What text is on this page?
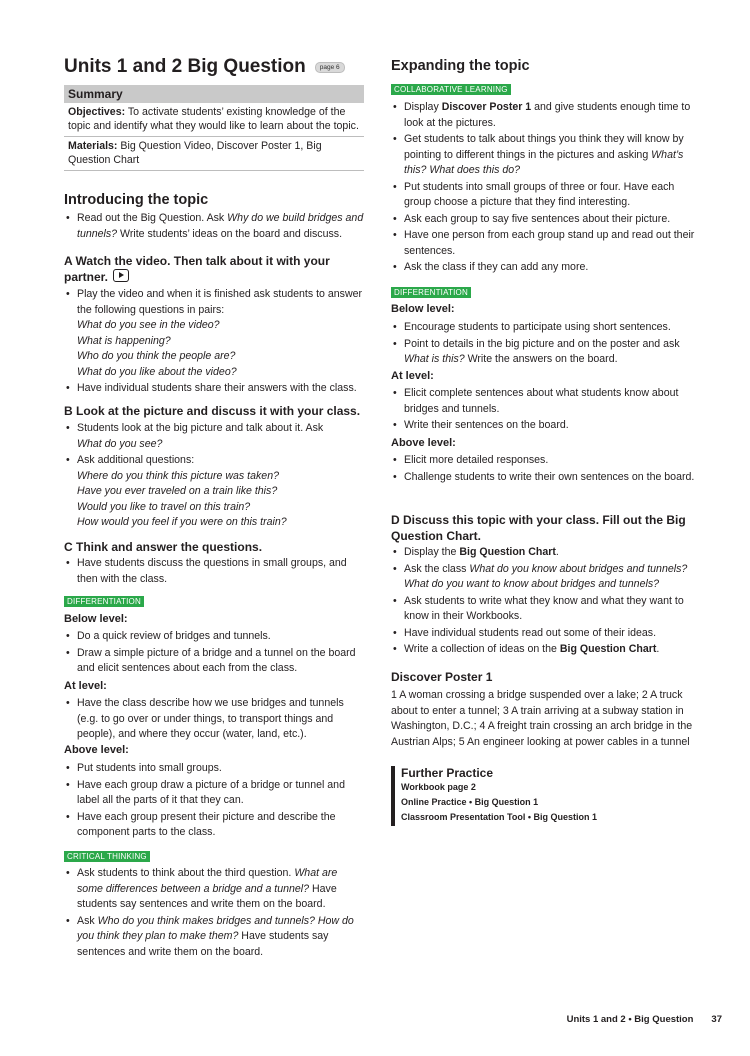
Units 1 and 2 Big Question	page 6
Summary
Objectives: To activate students’ existing knowledge of the topic and identify what they would like to learn about the topic.
Materials: Big Question Video, Discover Poster 1, Big Question Chart
Introducing the topic
• Read out the Big Question. Ask Why do we build bridges and tunnels? Write students’ ideas on the board and discuss.
A Watch the video. Then talk about it with your partner.
• Play the video and when it is finished ask students to answer the following questions in pairs:
What do you see in the video?
What is happening?
Who do you think the people are?
What do you like about the video?
• Have individual students share their answers with the class.
B Look at the picture and discuss it with your class.
• Students look at the big picture and talk about it. Ask
What do you see?
• Ask additional questions:
Where do you think this picture was taken?
Have you ever traveled on a train like this?
Would you like to travel on this train?
How would you feel if you were on this train?
C Think and answer the questions.
• Have students discuss the questions in small groups, and then with the class.
DIFFERENTIATION
Below level:
• Do a quick review of bridges and tunnels.
• Draw a simple picture of a bridge and a tunnel on the board and elicit sentences about each from the class.
At level:
• Have the class describe how we use bridges and tunnels (e.g. to go over or under things, to transport things and people), and where they occur (water, land, etc.).
Above level:
• Put students into small groups.
• Have each group draw a picture of a bridge or tunnel and label all the parts of it that they can.
• Have each group present their picture and describe the component parts to the class.
CRITICAL THINKING
• Ask students to think about the third question. What are some differences between a bridge and a tunnel? Have students say sentences and write them on the board.
• Ask Who do you think makes bridges and tunnels? How do you think they plan to make them? Have students say sentences and write them on the board.
Expanding the topic
COLLABORATIVE LEARNING
• Display Discover Poster 1 and give students enough time to look at the pictures.
• Get students to talk about things you think they will know by pointing to different things in the pictures and asking What’s this? What does this do?
• Put students into small groups of three or four. Have each group choose a picture that they find interesting.
• Ask each group to say five sentences about their picture.
• Have one person from each group stand up and read out their sentences.
• Ask the class if they can add any more.
DIFFERENTIATION
Below level:
• Encourage students to participate using short sentences.
• Point to details in the big picture and on the poster and ask What is this? Write the answers on the board.
At level:
• Elicit complete sentences about what students know about bridges and tunnels.
• Write their sentences on the board.
Above level:
• Elicit more detailed responses.
• Challenge students to write their own sentences on the board.
D Discuss this topic with your class. Fill out the Big Question Chart.
• Display the Big Question Chart.
• Ask the class What do you know about bridges and tunnels? What do you want to know about bridges and tunnels?
• Ask students to write what they know and what they want to know in their Workbooks.
• Have individual students read out some of their ideas.
• Write a collection of ideas on the Big Question Chart.
Discover Poster 1
1 A woman crossing a bridge suspended over a lake; 2 A truck about to enter a tunnel; 3 A train arriving at a subway station in Washington, D.C.; 4 A freight train crossing an arch bridge in the Austrian Alps; 5 An engineer looking at power cables in a tunnel
Further Practice
Workbook page 2
Online Practice • Big Question 1
Classroom Presentation Tool • Big Question 1
Units 1 and 2 • Big Question 37
